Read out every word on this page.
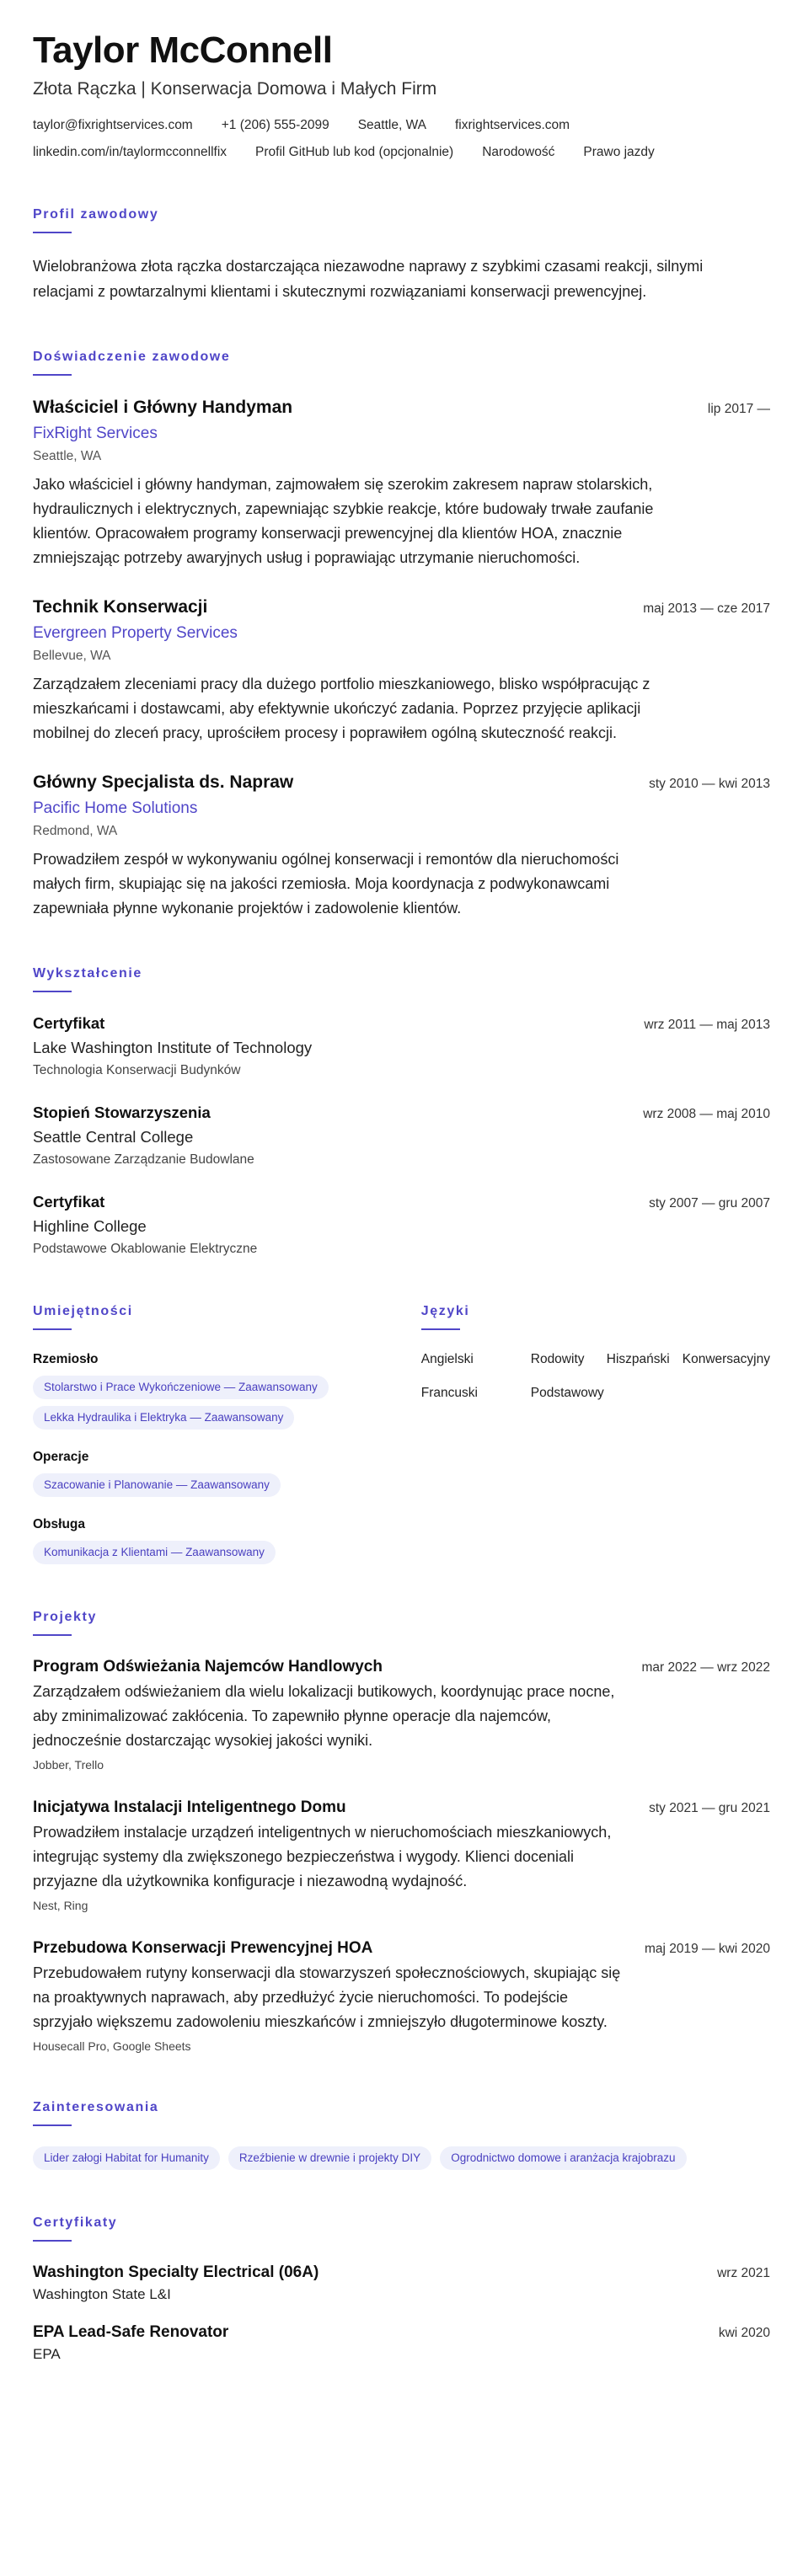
Taylor McConnell
Złota Rączka | Konserwacja Domowa i Małych Firm
taylor@fixrightservices.com +1 (206) 555-2099 Seattle, WA fixrightservices.com
linkedin.com/in/taylormcconnellfix Profil GitHub lub kod (opcjonalnie) Narodowość Prawo jazdy
Profil zawodowy

Wielobranżowa złota rączka dostarczająca niezawodne naprawy z szybkimi czasami reakcji, silnymi relacjami z powtarzalnymi klientami i skutecznymi rozwiązaniami konserwacji prewencyjnej.

Doświadczenie zawodowe
Właściciel i Główny Handyman	lip 2017 —
FixRight Services
Seattle, WA

Jako właściciel i główny handyman, zajmowałem się szerokim zakresem napraw stolarskich, hydraulicznych i elektrycznych, zapewniając szybkie reakcje, które budowały trwałe zaufanie klientów. Opracowałem programy konserwacji prewencyjnej dla klientów HOA, znacznie zmniejszając potrzeby awaryjnych usług i poprawiając utrzymanie nieruchomości.

Technik Konserwacji	maj 2013 — cze 2017
Evergreen Property Services
Bellevue, WA

Zarządzałem zleceniami pracy dla dużego portfolio mieszkaniowego, blisko współpracując z mieszkańcami i dostawcami, aby efektywnie ukończyć zadania. Poprzez przyjęcie aplikacji mobilnej do zleceń pracy, uprościłem procesy i poprawiłem ogólną skuteczność reakcji.

Główny Specjalista ds. Napraw	sty 2010 — kwi 2013
Pacific Home Solutions
Redmond, WA

Prowadziłem zespół w wykonywaniu ogólnej konserwacji i remontów dla nieruchomości małych firm, skupiając się na jakości rzemiosła. Moja koordynacja z podwykonawcami zapewniała płynne wykonanie projektów i zadowolenie klientów.

Wykształcenie
Certyfikat	wrz 2011 — maj 2013
Lake Washington Institute of Technology
Technologia Konserwacji Budynków
Stopień Stowarzyszenia	wrz 2008 — maj 2010
Seattle Central College
Zastosowane Zarządzanie Budowlane
Certyfikat	sty 2007 — gru 2007
Highline College
Podstawowe Okablowanie Elektryczne
Umiejętności
Rzemiosło
Stolarstwo i Prace Wykończeniowe — Zaawansowany
Lekka Hydraulika i Elektryka — Zaawansowany
Operacje
Szacowanie i Planowanie — Zaawansowany
Obsługa
Komunikacja z Klientami — Zaawansowany
Języki
Angielski	Rodowity	Hiszpański Konwersacyjny
Francuski	Podstawowy
Projekty
Program Odświeżania Najemców Handlowych	mar 2022 — wrz 2022

Zarządzałem odświeżaniem dla wielu lokalizacji butikowych, koordynując prace nocne, aby zminimalizować zakłócenia. To zapewniło płynne operacje dla najemców, jednocześnie dostarczając wysokiej jakości wyniki.

Jobber, Trello
Inicjatywa Instalacji Inteligentnego Domu	sty 2021 — gru 2021

Prowadziłem instalacje urządzeń inteligentnych w nieruchomościach mieszkaniowych, integrując systemy dla zwiększonego bezpieczeństwa i wygody. Klienci doceniali przyjazne dla użytkownika konfiguracje i niezawodną wydajność.

Nest, Ring
Przebudowa Konserwacji Prewencyjnej HOA	maj 2019 — kwi 2020

Przebudowałem rutyny konserwacji dla stowarzyszeń społecznościowych, skupiając się na proaktywnych naprawach, aby przedłużyć życie nieruchomości. To podejście sprzyjało większemu zadowoleniu mieszkańców i zmniejszyło długoterminowe koszty.

Housecall Pro, Google Sheets
Zainteresowania
Lider załogi Habitat for Humanity	Rzeźbienie w drewnie i projekty DIY	Ogrodnictwo domowe i aranżacja krajobrazu
Certyfikaty
Washington Specialty Electrical (06A)	wrz 2021
Washington State L&I
EPA Lead-Safe Renovator	kwi 2020
EPA
